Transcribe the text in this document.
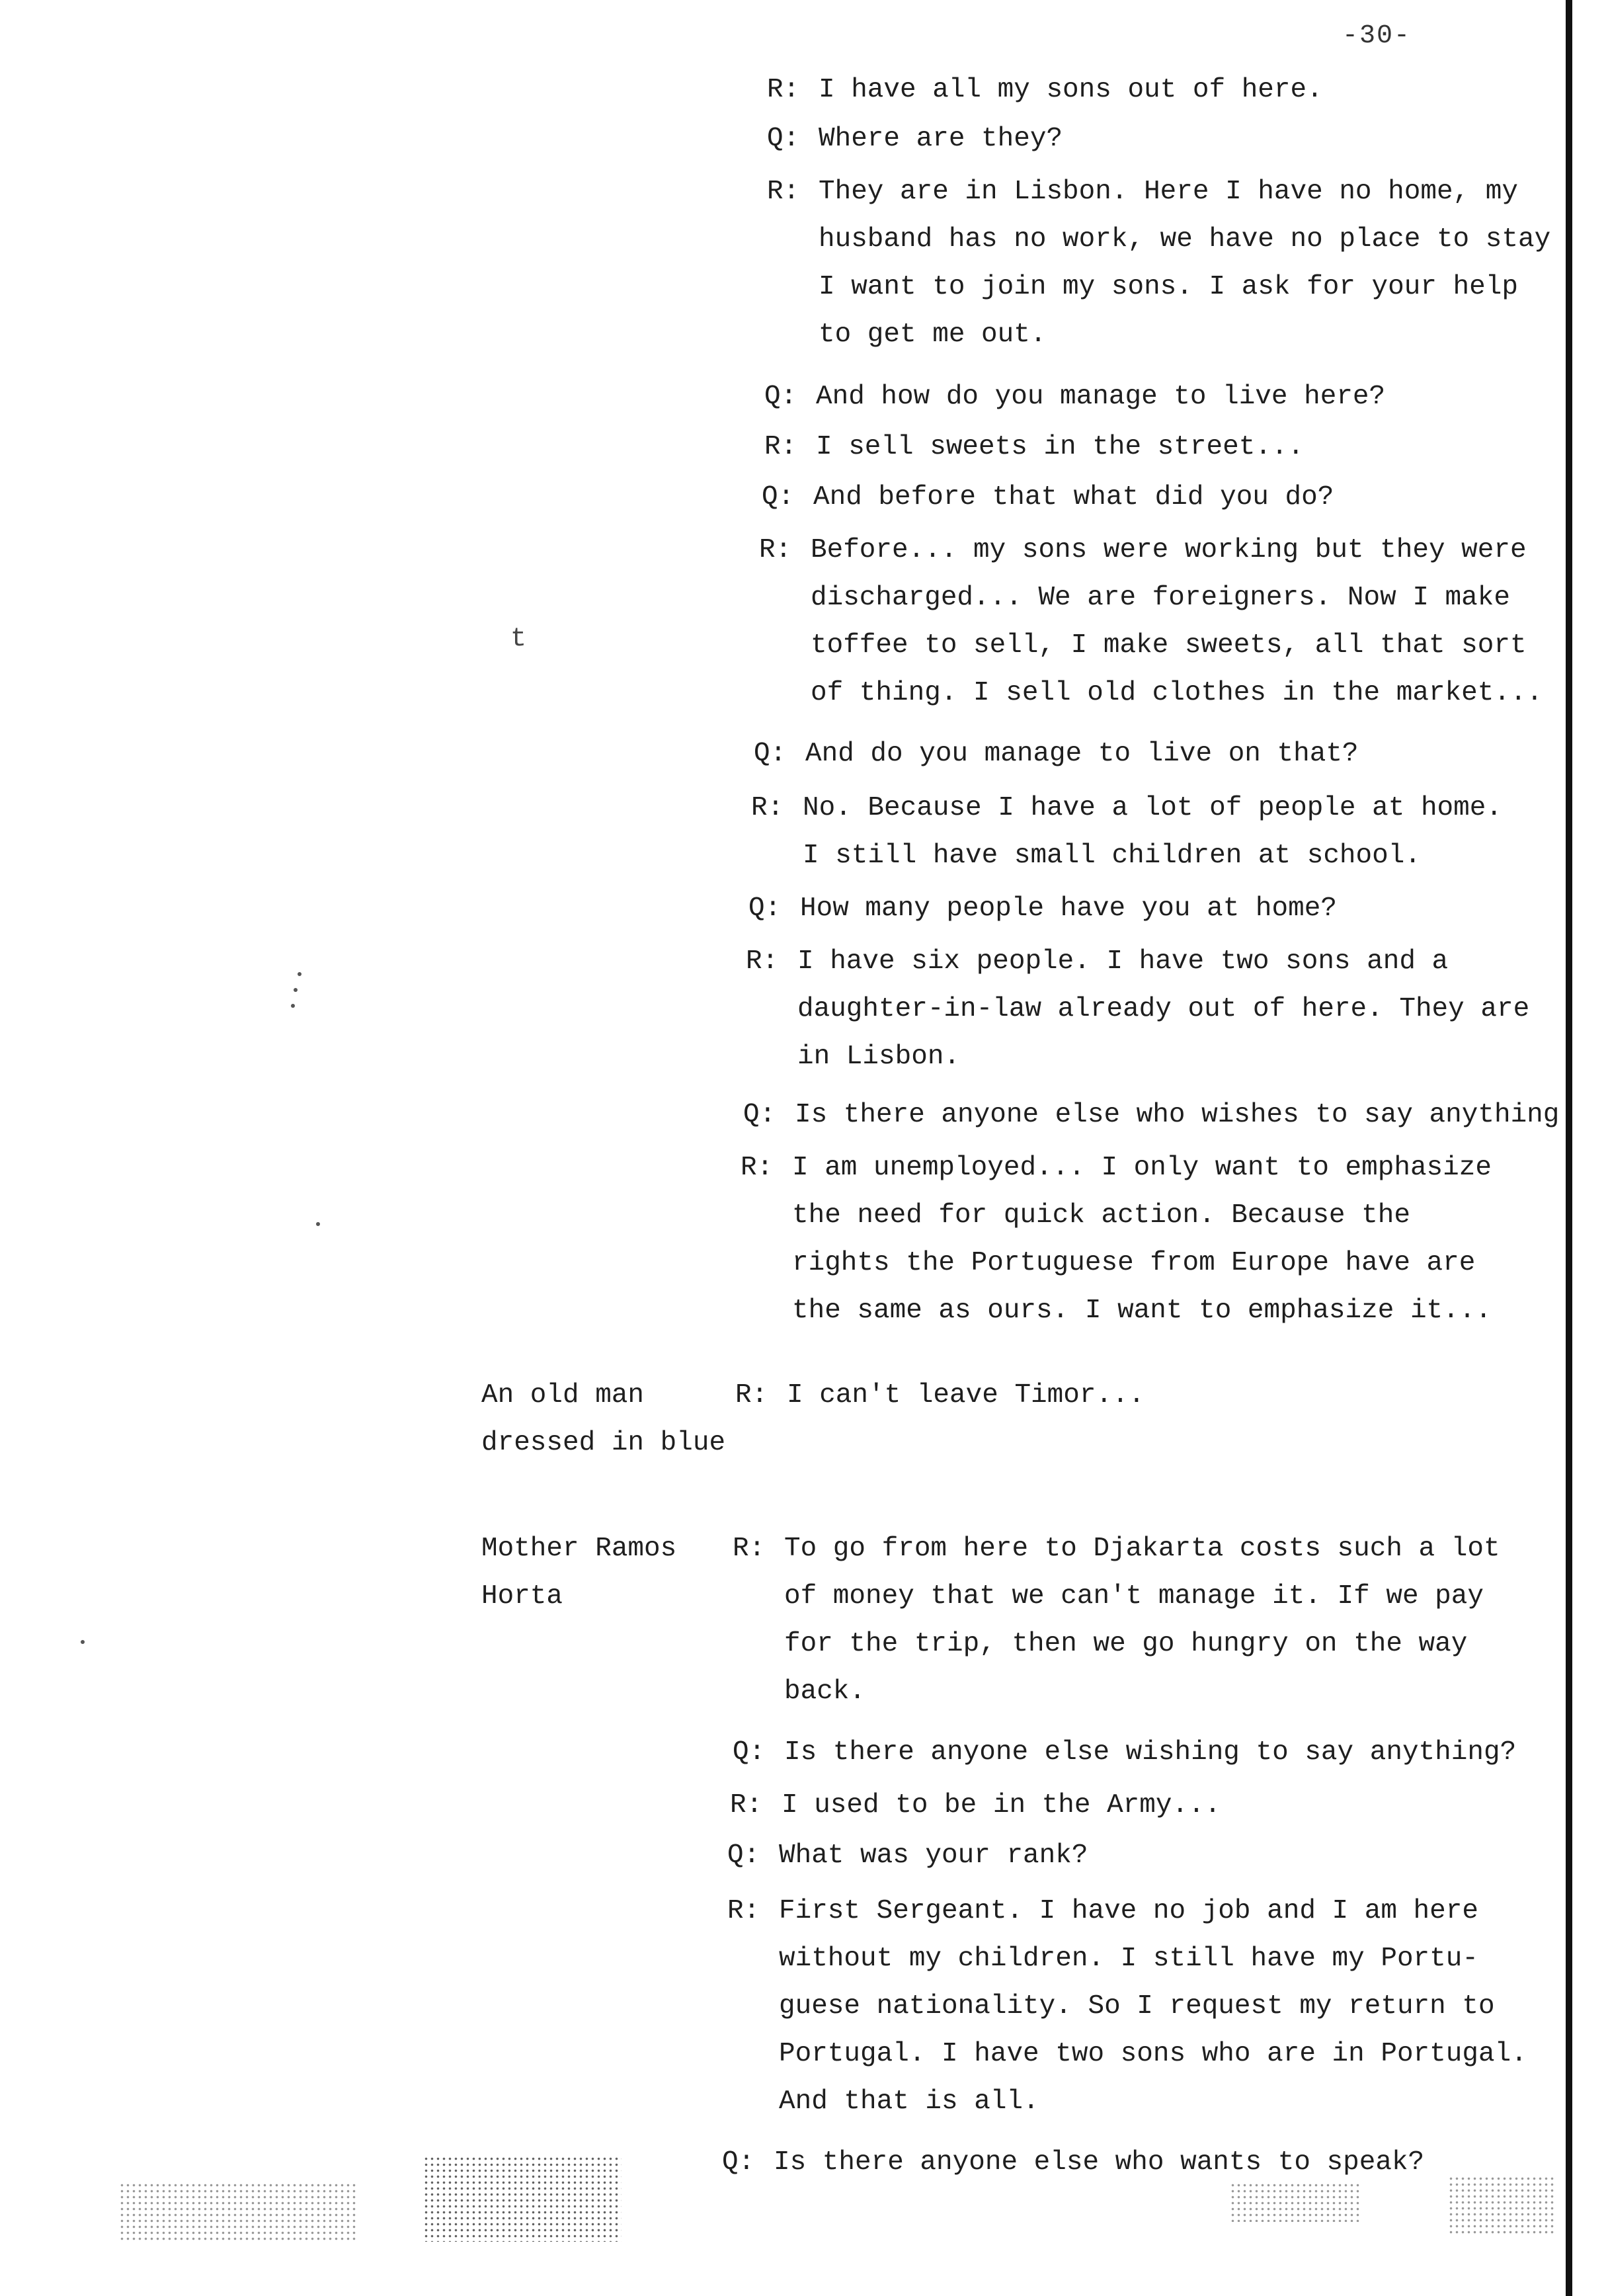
-30-
t
An old man
dressed in blue
Mother Ramos
Horta
R: I have all my sons out of here.
Q: Where are they?
R: They are in Lisbon. Here I have no home, my
husband has no work, we have no place to stay
I want to join my sons. I ask for your help
to get me out.
Q: And how do you manage to live here?
R: I sell sweets in the street...
Q: And before that what did you do?
R: Before... my sons were working but they were
discharged... We are foreigners. Now I make
toffee to sell, I make sweets, all that sort
of thing. I sell old clothes in the market...
Q: And do you manage to live on that?
R: No. Because I have a lot of people at home.
I still have small children at school.
Q: How many people have you at home?
R: I have six people. I have two sons and a
daughter-in-law already out of here. They are
in Lisbon.
Q: Is there anyone else who wishes to say anything
R: I am unemployed... I only want to emphasize
the need for quick action. Because the
rights the Portuguese from Europe have are
the same as ours. I want to emphasize it...
R: I can't leave Timor...
R: To go from here to Djakarta costs such a lot
of money that we can't manage it. If we pay
for the trip, then we go hungry on the way
back.
Q: Is there anyone else wishing to say anything?
R: I used to be in the Army...
Q: What was your rank?
R: First Sergeant. I have no job and I am here
without my children. I still have my Portu-
guese nationality. So I request my return to
Portugal. I have two sons who are in Portugal.
And that is all.
Q: Is there anyone else who wants to speak?
